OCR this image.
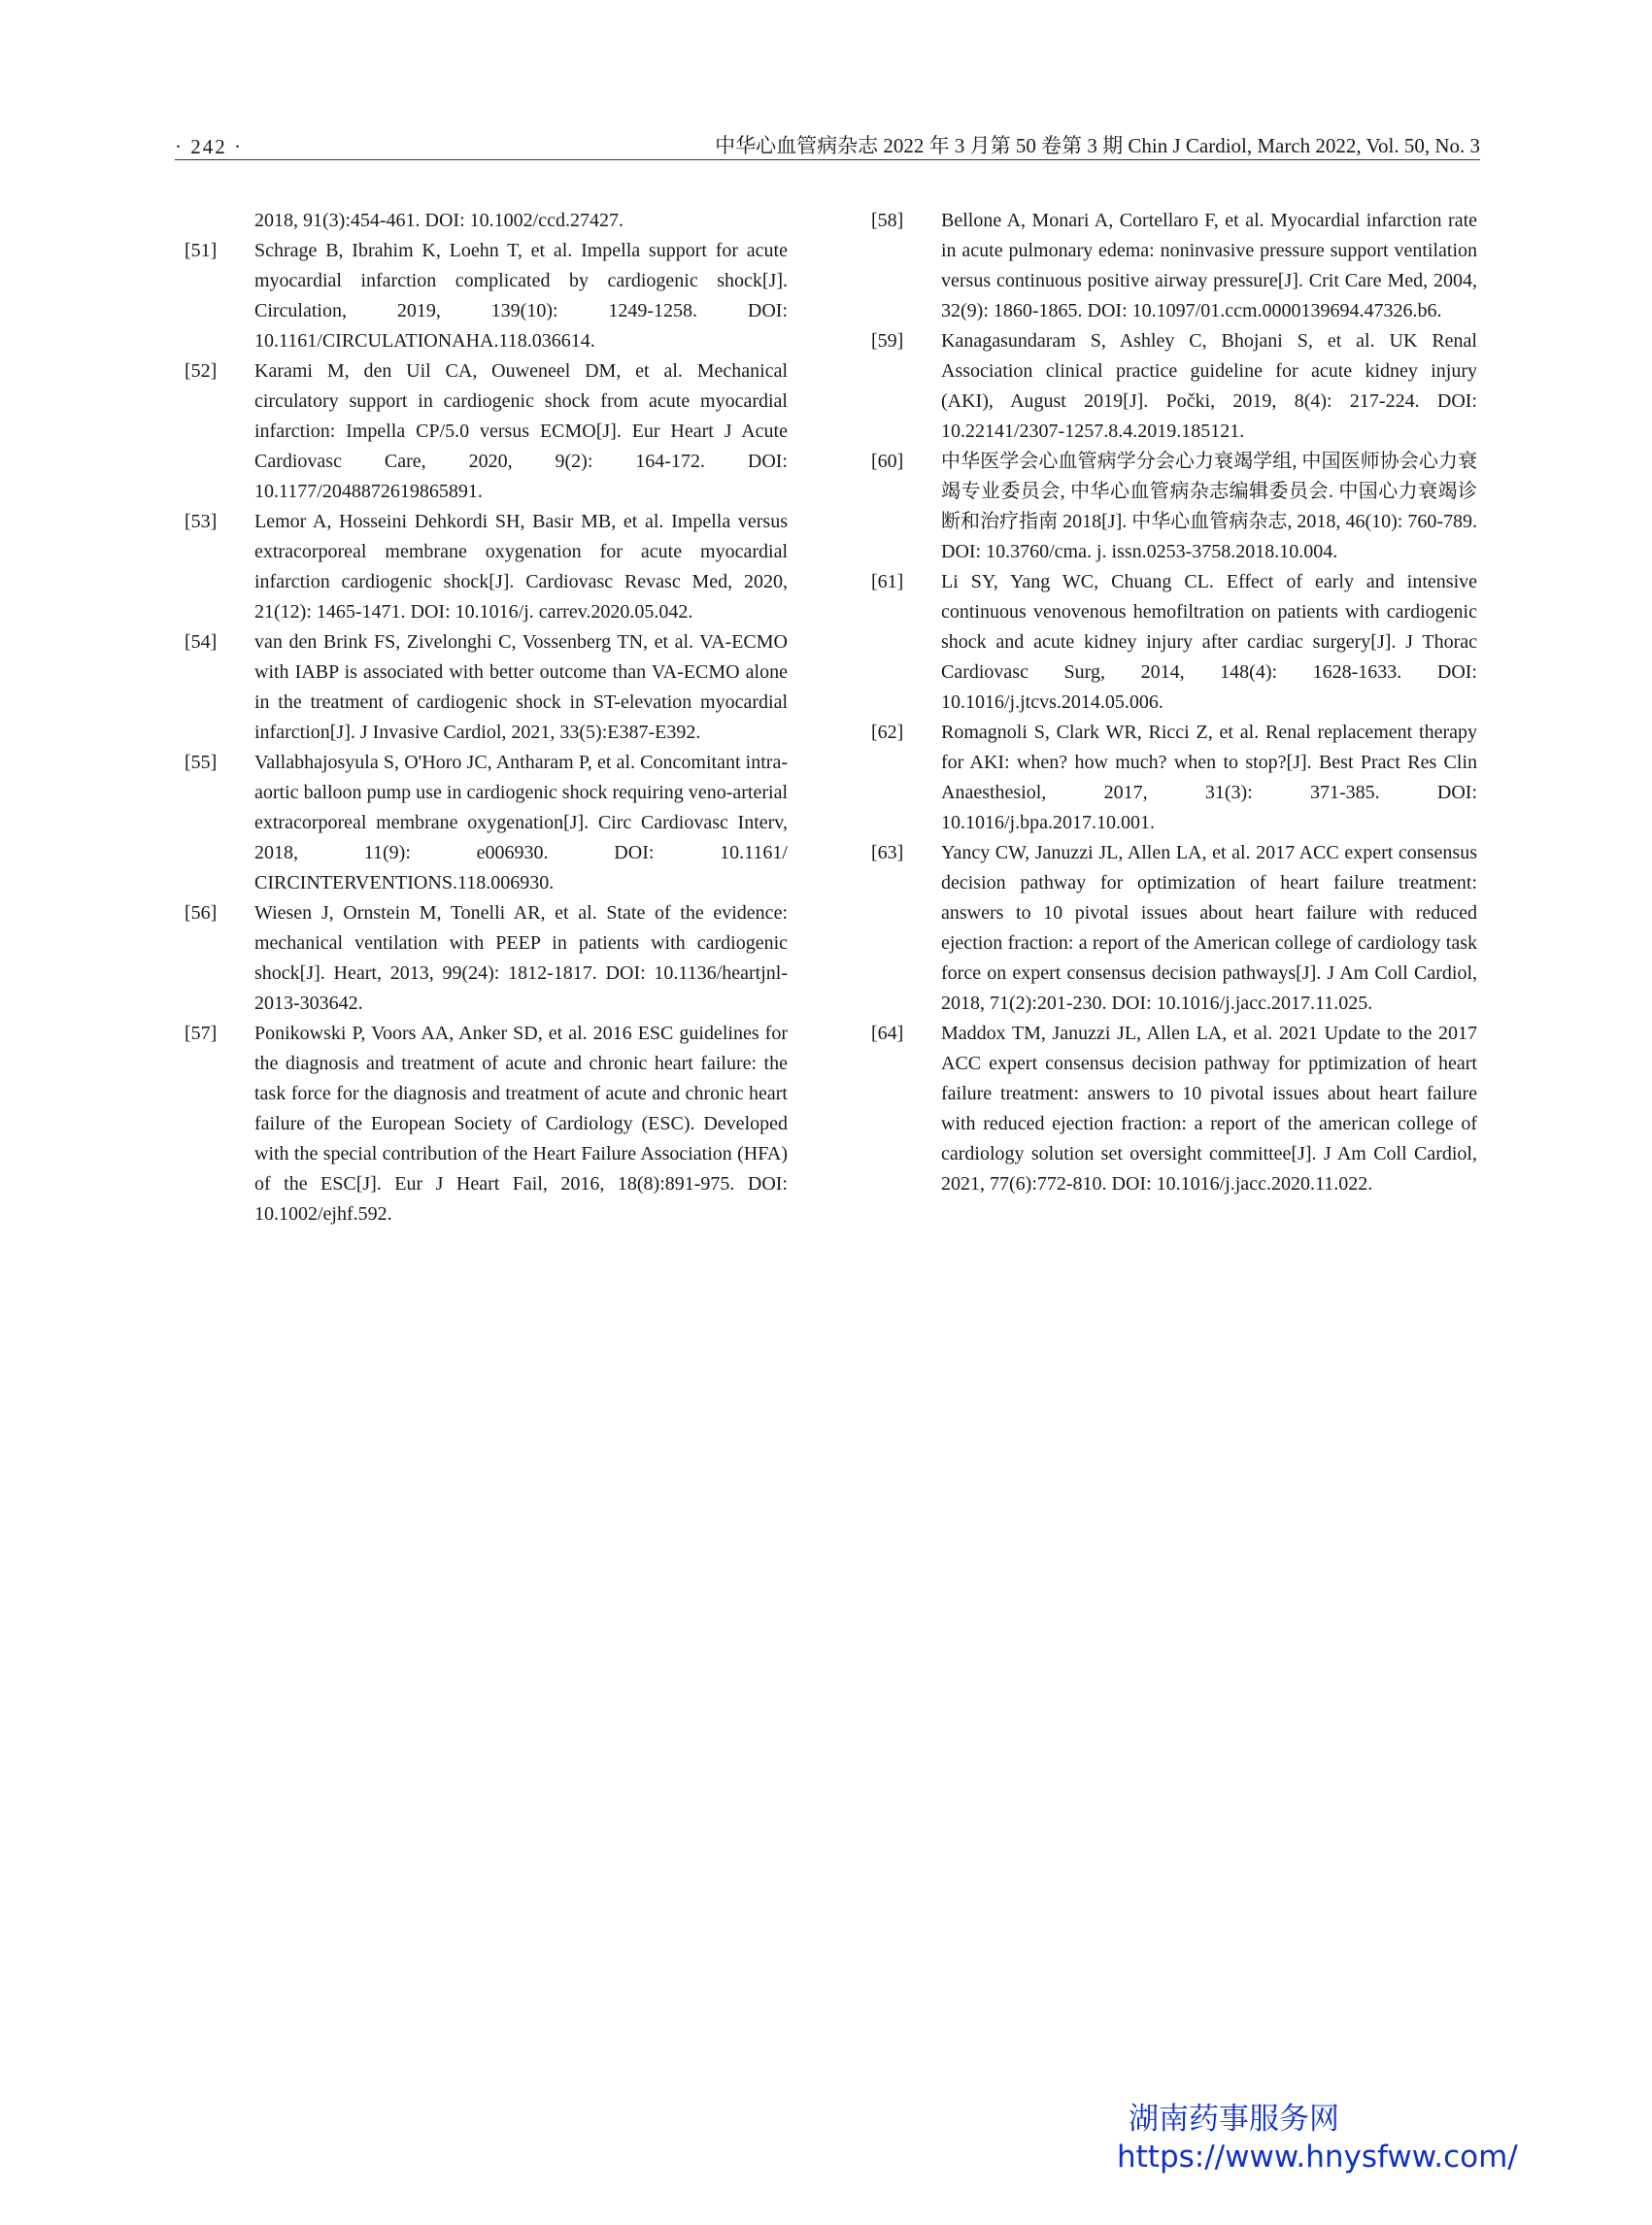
· 242 ·	中华心血管病杂志 2022 年 3 月第 50 卷第 3 期 Chin J Cardiol, March 2022, Vol. 50, No. 3
2018, 91(3):454-461. DOI: 10.1002/ccd.27427.
[51]	Schrage B, Ibrahim K, Loehn T, et al. Impella support for acute myocardial infarction complicated by cardiogenic shock[J]. Circulation, 2019, 139(10): 1249-1258. DOI: 10.1161/CIRCULATIONAHA.118.036614.
[52]	Karami M, den Uil CA, Ouweneel DM, et al. Mechanical circulatory support in cardiogenic shock from acute myocardial infarction: Impella CP/5.0 versus ECMO[J]. Eur Heart J Acute Cardiovasc Care, 2020, 9(2): 164-172. DOI: 10.1177/2048872619865891.
[53]	Lemor A, Hosseini Dehkordi SH, Basir MB, et al. Impella versus extracorporeal membrane oxygenation for acute myocardial infarction cardiogenic shock[J]. Cardiovasc Revasc Med, 2020, 21(12): 1465-1471. DOI: 10.1016/j. carrev.2020.05.042.
[54]	van den Brink FS, Zivelonghi C, Vossenberg TN, et al. VA-ECMO with IABP is associated with better outcome than VA-ECMO alone in the treatment of cardiogenic shock in ST-elevation myocardial infarction[J]. J Invasive Cardiol, 2021, 33(5):E387-E392.
[55]	Vallabhajosyula S, O'Horo JC, Antharam P, et al. Concomitant intra-aortic balloon pump use in cardiogenic shock requiring veno-arterial extracorporeal membrane oxygenation[J]. Circ Cardiovasc Interv, 2018, 11(9): e006930. DOI: 10.1161/ CIRCINTERVENTIONS.118.006930.
[56]	Wiesen J, Ornstein M, Tonelli AR, et al. State of the evidence: mechanical ventilation with PEEP in patients with cardiogenic shock[J]. Heart, 2013, 99(24): 1812-1817. DOI: 10.1136/heartjnl-2013-303642.
[57]	Ponikowski P, Voors AA, Anker SD, et al. 2016 ESC guidelines for the diagnosis and treatment of acute and chronic heart failure: the task force for the diagnosis and treatment of acute and chronic heart failure of the European Society of Cardiology (ESC). Developed with the special contribution of the Heart Failure Association (HFA) of the ESC[J]. Eur J Heart Fail, 2016, 18(8):891-975. DOI: 10.1002/ejhf.592.
[58]	Bellone A, Monari A, Cortellaro F, et al. Myocardial infarction rate in acute pulmonary edema: noninvasive pressure support ventilation versus continuous positive airway pressure[J]. Crit Care Med, 2004, 32(9): 1860-1865. DOI: 10.1097/01.ccm.0000139694.47326.b6.
[59]	Kanagasundaram S, Ashley C, Bhojani S, et al. UK Renal Association clinical practice guideline for acute kidney injury (AKI), August 2019[J]. Počki, 2019, 8(4): 217-224. DOI: 10.22141/2307-1257.8.4.2019.185121.
[60]	中华医学会心血管病学分会心力衰竭学组, 中国医师协会心力衰竭专业委员会, 中华心血管病杂志编辑委员会. 中国心力衰竭诊断和治疗指南 2018[J]. 中华心血管病杂志, 2018, 46(10): 760-789. DOI: 10.3760/cma. j. issn.0253-3758.2018.10.004.
[61]	Li SY, Yang WC, Chuang CL. Effect of early and intensive continuous venovenous hemofiltration on patients with cardiogenic shock and acute kidney injury after cardiac surgery[J]. J Thorac Cardiovasc Surg, 2014, 148(4): 1628-1633. DOI: 10.1016/j.jtcvs.2014.05.006.
[62]	Romagnoli S, Clark WR, Ricci Z, et al. Renal replacement therapy for AKI: when? how much? when to stop?[J]. Best Pract Res Clin Anaesthesiol, 2017, 31(3): 371-385. DOI: 10.1016/j.bpa.2017.10.001.
[63]	Yancy CW, Januzzi JL, Allen LA, et al. 2017 ACC expert consensus decision pathway for optimization of heart failure treatment: answers to 10 pivotal issues about heart failure with reduced ejection fraction: a report of the American college of cardiology task force on expert consensus decision pathways[J]. J Am Coll Cardiol, 2018, 71(2):201-230. DOI: 10.1016/j.jacc.2017.11.025.
[64]	Maddox TM, Januzzi JL, Allen LA, et al. 2021 Update to the 2017 ACC expert consensus decision pathway for pptimization of heart failure treatment: answers to 10 pivotal issues about heart failure with reduced ejection fraction: a report of the american college of cardiology solution set oversight committee[J]. J Am Coll Cardiol, 2021, 77(6):772-810. DOI: 10.1016/j.jacc.2020.11.022.
湖南药事服务网
https://www.hnysfww.com/
